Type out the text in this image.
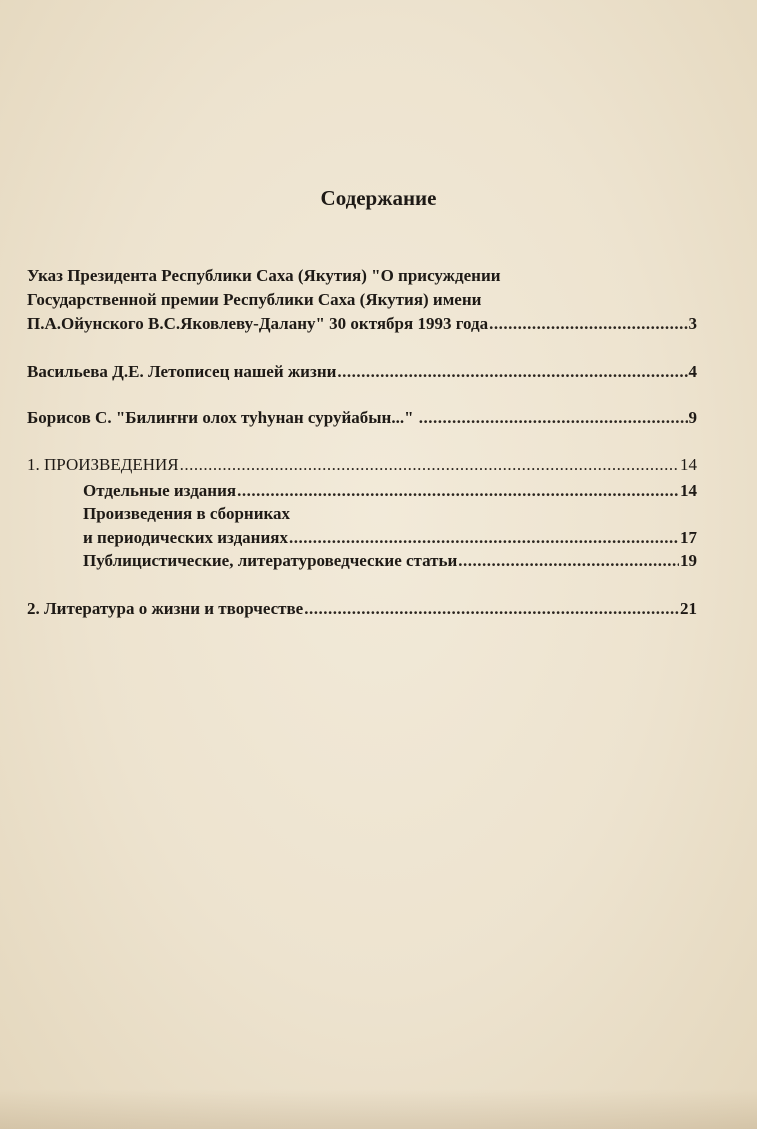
Содержание
Указ Президента Республики Саха (Якутия) "О присуждении
Государственной премии Республики Саха (Якутия) имени
П.А.Ойунского В.С.Яковлеву-Далану" 30 октября 1993 года .....	3
Васильева Д.Е. Летописец нашей жизни .....	4
Борисов С. "Билиҥҥи олох туһунан суруйабын..." .....	9
1. ПРОИЗВЕДЕНИЯ .....	14
Отдельные издания .....	14
Произведения в сборниках
и периодических изданиях .....	17
Публицистические, литературоведческие статьи .....	19
2. Литература о жизни и творчестве .....	21
